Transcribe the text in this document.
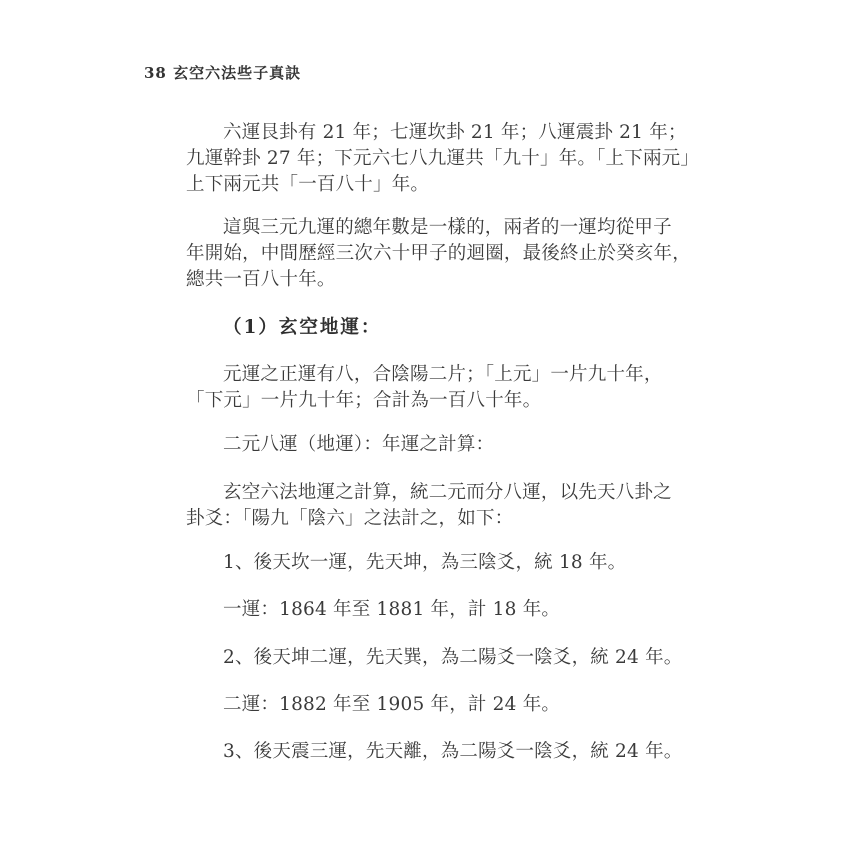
38 玄空六法些子真訣
六運艮卦有 21 年；七運坎卦 21 年；八運震卦 21 年；
九運幹卦 27 年；下元六七八九運共「九十」年。「上下兩元」
上下兩元共「一百八十」年。
這與三元九運的總年數是一樣的，兩者的一運均從甲子
年開始，中間歷經三次六十甲子的迴圈，最後終止於癸亥年，
總共一百八十年。
（1）玄空地運：
元運之正運有八，合陰陽二片；「上元」一片九十年，
「下元」一片九十年；合計為一百八十年。
二元八運（地運）：年運之計算：
玄空六法地運之計算，統二元而分八運，以先天八卦之
卦爻：「陽九「陰六」之法計之，如下：
1、後天坎一運，先天坤，為三陰爻，統 18 年。
一運：1864 年至 1881 年，計 18 年。
2、後天坤二運，先天巽，為二陽爻一陰爻，統 24 年。
二運：1882 年至 1905 年，計 24 年。
3、後天震三運，先天離，為二陽爻一陰爻，統 24 年。
